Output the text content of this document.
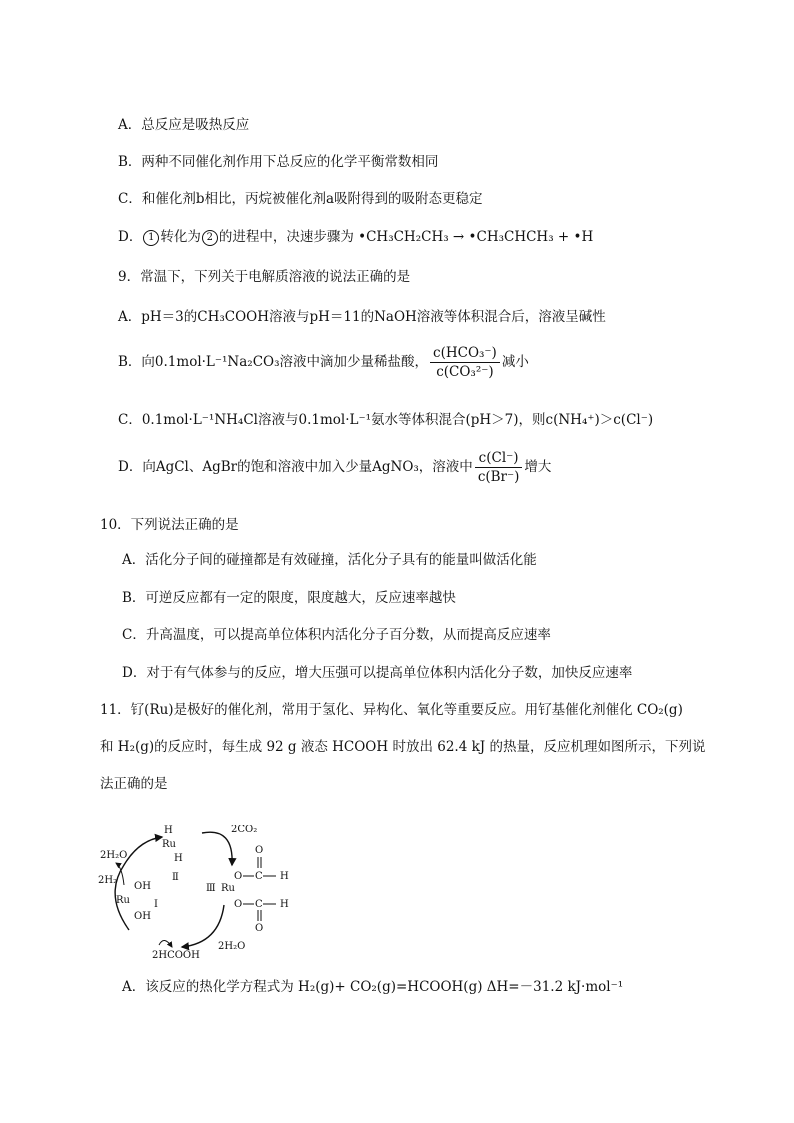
A．总反应是吸热反应
B．两种不同催化剂作用下总反应的化学平衡常数相同
C．和催化剂b相比，丙烷被催化剂a吸附得到的吸附态更稳定
D． 1 转化为 2 的进程中，决速步骤为 •CH₃CH₂CH₃ → •CH₃CHCH₃ + •H
9．常温下，下列关于电解质溶液的说法正确的是
A．pH＝3的CH₃COOH溶液与pH＝11的NaOH溶液等体积混合后，溶液呈碱性
B．向0.1mol·L⁻¹Na₂CO₃溶液中滴加少量稀盐酸， $\frac{\text{c(HCO₃⁻)}}{\text{c(CO₃²⁻)}}$ 减小
C．0.1mol·L⁻¹NH₄Cl溶液与0.1mol·L⁻¹氨水等体积混合(pH＞7)，则c(NH₄⁺)＞c(Cl⁻)
D．向AgCl、AgBr的饱和溶液中加入少量AgNO₃，溶液中 $\frac{c(Cl^-)}{c(Br^-)}$ 增大
10．下列说法正确的是
A．活化分子间的碰撞都是有效碰撞，活化分子具有的能量叫做活化能
B．可逆反应都有一定的限度，限度越大，反应速率越快
C．升高温度，可以提高单位体积内活化分子百分数，从而提高反应速率
D．对于有气体参与的反应，增大压强可以提高单位体积内活化分子数，加快反应速率
11．钌(Ru)是极好的催化剂，常用于氢化、异构化、氧化等重要反应。用钌基催化剂催化 CO₂(g)
和 H₂(g)的反应时，每生成 92 g 液态 HCOOH 时放出 62.4 kJ 的热量，反应机理如图所示，下列说
法正确的是
2H₂O
2CO₂
2H₂
2HCOOH
2H₂O
H
Ru
H
Ⅱ
OH
Ru
OH
I
Ⅲ Ru
O C H
O
O C H
O
A．该反应的热化学方程式为 H₂(g)+ CO₂(g)=HCOOH(g) ΔH=－31.2 kJ·mol⁻¹
